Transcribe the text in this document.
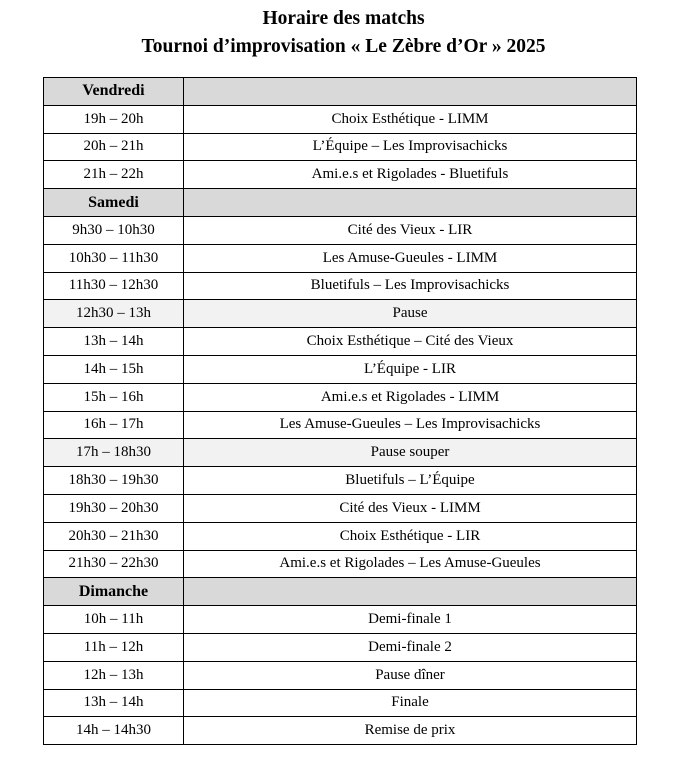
Horaire des matchs
Tournoi d’improvisation « Le Zèbre d’Or » 2025
Vendredi	
19h – 20h	Choix Esthétique - LIMM
20h – 21h	L’Équipe – Les Improvisachicks
21h – 22h	Ami.e.s et Rigolades - Bluetifuls
Samedi	
9h30 – 10h30	Cité des Vieux - LIR
10h30 – 11h30	Les Amuse-Gueules - LIMM
11h30 – 12h30	Bluetifuls – Les Improvisachicks
12h30 – 13h	Pause
13h – 14h	Choix Esthétique – Cité des Vieux
14h – 15h	L’Équipe - LIR
15h – 16h	Ami.e.s et Rigolades - LIMM
16h – 17h	Les Amuse-Gueules – Les Improvisachicks
17h – 18h30	Pause souper
18h30 – 19h30	Bluetifuls – L’Équipe
19h30 – 20h30	Cité des Vieux - LIMM
20h30 – 21h30	Choix Esthétique - LIR
21h30 – 22h30	Ami.e.s et Rigolades – Les Amuse-Gueules
Dimanche	
10h – 11h	Demi-finale 1
11h – 12h	Demi-finale 2
12h – 13h	Pause dîner
13h – 14h	Finale
14h – 14h30	Remise de prix
